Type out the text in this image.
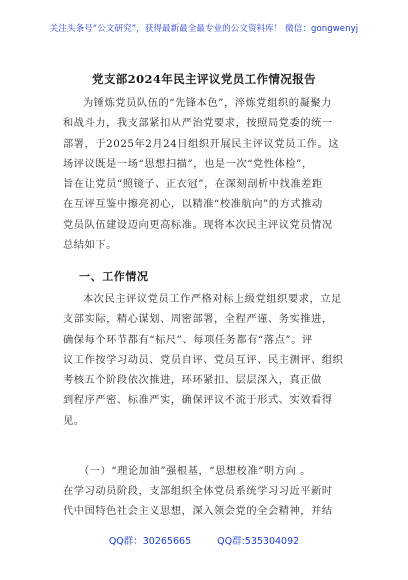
关注头条号“公文研究”，获得最新最全最专业的公文资料库！ 微信：gongwenyj
党支部2024年民主评议党员工作情况报告
为锤炼党员队伍的“先锋本色”，淬炼党组织的凝聚力
和战斗力，我支部紧扣从严治党要求，按照局党委的统一
部署，于2025年2月24日组织开展民主评议党员工作。这
场评议既是一场“思想扫描”，也是一次“党性体检”，
旨在让党员“照镜子、正衣冠”，在深刻剖析中找准差距
在互评互鉴中擦亮初心，以精准“校准航向”的方式推动
党员队伍建设迈向更高标准。现将本次民主评议党员情况
总结如下。
一、工作情况
本次民主评议党员工作严格对标上级党组织要求，立足
支部实际，精心谋划、周密部署，全程严谨、务实推进，
确保每个环节都有“标尺”、每项任务都有“落点”。评
议工作按学习动员、党员自评、党员互评、民主测评、组织
考核五个阶段依次推进，环环紧扣、层层深入，真正做
到程序严密、标准严实，确保评议不流于形式、实效看得
见。
（一）“理论加油”强根基，“思想校准”明方向 。
在学习动员阶段，支部组织全体党员系统学习习近平新时
代中国特色社会主义思想，深入领会党的全会精神，并结
QQ群：30265665	QQ群:535304092
